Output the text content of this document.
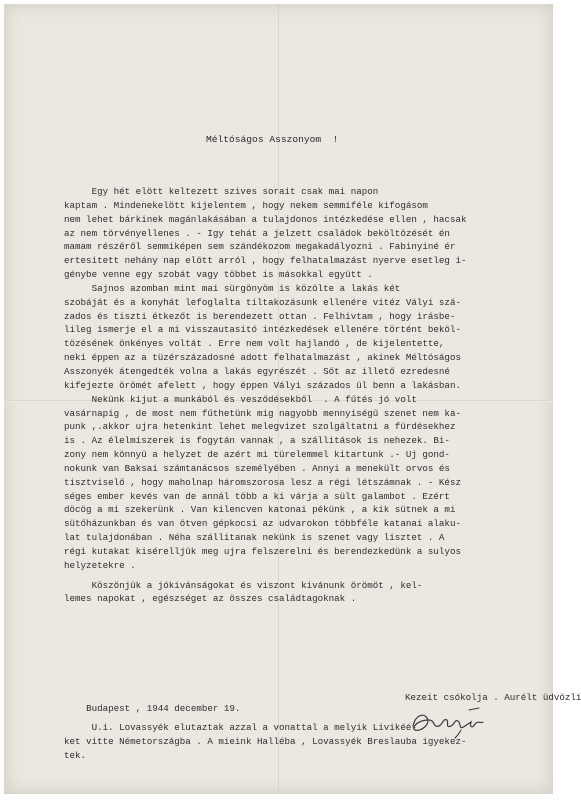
Méltóságos Asszonyom  !
Egy hét elött keltezett szives sorait csak mai napon
kaptam . Mindenekelött kijelentem , hogy nekem semmiféle kifogásom
nem lehet bárkinek magánlakásában a tulajdonos intézkedése ellen , hacsak
az nem törvényellenes . - Igy tehát a jelzett családok beköltözését én
mamam részéről semmiképen sem szándékozom megakadályozni . Fabinyiné ér
ertesitett nehány nap elött arról , hogy felhatalmazást nyerve esetleg i-
génybe venne egy szobát vagy többet is másokkal együtt .
Sajnos azomban mint mai sürgönyöm is közölte a lakás két
szobáját és a konyhát lefoglalta tiltakozásunk ellenére vitéz Vályi szá-
zados és tiszti étkezőt is berendezett ottan . Felhivtam , hogy irásbe-
lileg ismerje el a mi visszautasitó intézkedések ellenére történt beköl-
tözésének önkényes voltát . Erre nem volt hajlandó , de kijelentette,
neki éppen az a tüzérszázadosné adott felhatalmazást , akinek Méltóságos
Asszonyék átengedték volna a lakás egyrészét . Sőt az illető ezredesné
kifejezte örömét afelett , hogy éppen Vályi százados ül benn a lakásban.
Nekünk kijut a munkából és vesződésekből  . A fűtés jó volt
vasárnapig , de most nem fűthetünk mig nagyobb mennyiségű szenet nem ka-
punk ,.akkor ujra hetenkint lehet melegvizet szolgáltatni a fürdésekhez
is . Az élelmiszerek is fogytán vannak , a szállitások is nehezek. Bi-
zony nem könnyü a helyzet de azért mi türelemmel kitartunk .- Uj gond-
nokunk van Baksai számtanácsos személyében . Annyi a menekült orvos és
tisztviselő , hogy maholnap háromszorosa lesz a régi létszámnak . - Kész
séges ember kevés van de annál több a ki várja a sült galambot . Ezért
döcög a mi szekerünk . Van kilencven katonai pékünk , a kik sütnek a mi
sütőházunkban és van ötven gépkocsi az udvarokon többféle katanai alaku-
lat tulajdonában . Néha szállitanak nekünk is szenet vagy lisztet . A
régi kutakat kisérelljük meg ujra felszerelni és berendezkedünk a sulyos
helyzetekre .
Köszönjük a jókivánságokat és viszont kivánunk örömöt , kel-
lemes napokat , egészséget az összes családtagoknak .

Budapest , 1944 december 19.

Kezeit csókolja . Aurélt üdvözli

U.i. Lovassyék elutaztak azzal a vonattal a melyik Livikéé-
ket vitte Németországba . A mieink Halléba , Lovassyék Breslauba igyekez-
tek.
